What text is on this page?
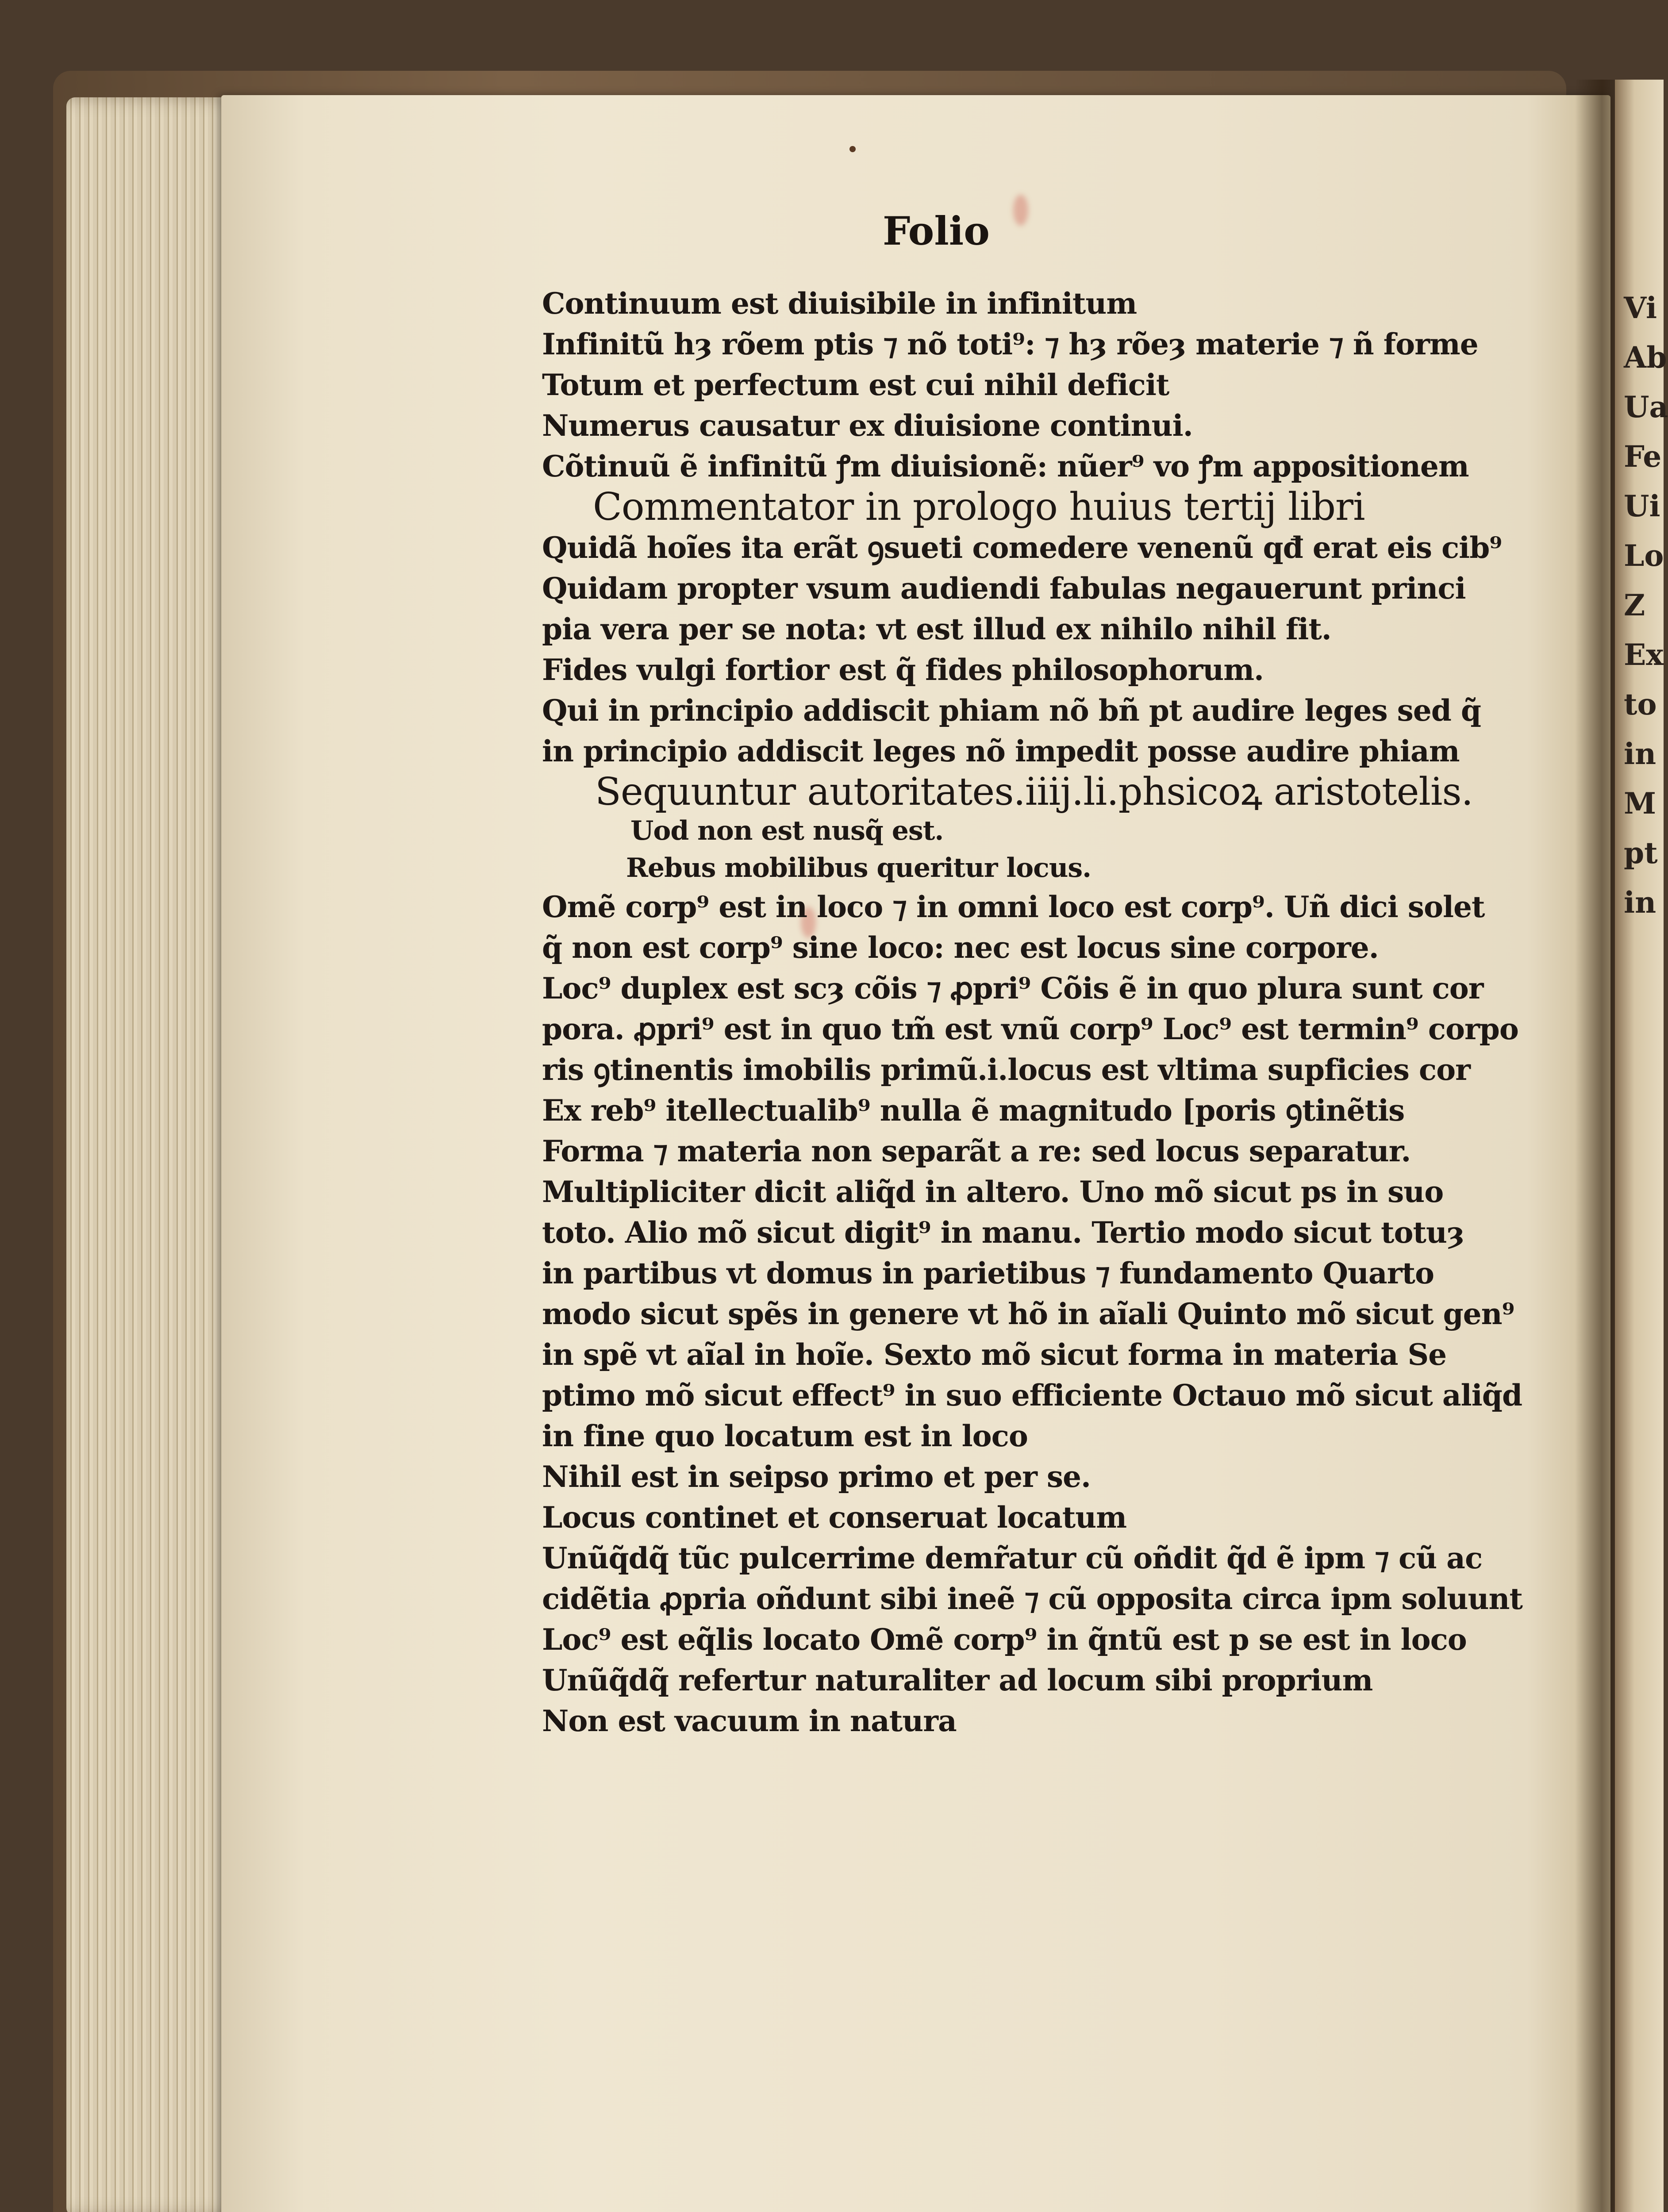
Folio
Continuum est diuisibile in infinitum
Infinitũ hȝ rõem ptis ⁊ nõ toti⁹: ⁊ hȝ rõeȝ materie ⁊ ñ forme
Totum et perfectum est cui nihil deficit
Numerus causatur ex diuisione continui.
Cõtinuũ ẽ infinitũ ꝭm diuisionẽ: nũer⁹ vo ꝭm appositionem
Commentator in prologo huius tertij libri
Quidã hoĩes ita erãt ꝯsueti comedere venenũ qđ erat eis cib⁹
Quidam propter vsum audiendi fabulas negauerunt princi
pia vera per se nota: vt est illud ex nihilo nihil fit.
Fides vulgi fortior est q̃ fides philosophorum.
Qui in principio addiscit phiam nõ bñ pt audire leges sed q̃
in principio addiscit leges nõ impedit posse audire phiam
Sequuntur autoritates.iiij.li.phsicoꝝ aristotelis.
Uod non est nusq̃ est.
Rebus mobilibus queritur locus.
Omẽ corp⁹ est in loco ⁊ in omni loco est corp⁹. Uñ dici solet
q̃ non est corp⁹ sine loco: nec est locus sine corpore.
Loc⁹ duplex est scȝ cõis ⁊ ꝓpri⁹ Cõis ẽ in quo plura sunt cor
pora. ꝓpri⁹ est in quo tm̃ est vnũ corp⁹ Loc⁹ est termin⁹ corpo
ris ꝯtinentis imobilis primũ.i.locus est vltima supficies cor
Ex reb⁹ itellectualib⁹ nulla ẽ magnitudo [poris ꝯtinẽtis
Forma ⁊ materia non separãt a re: sed locus separatur.
Multipliciter dicit aliq̃d in altero. Uno mõ sicut ps in suo
toto. Alio mõ sicut digit⁹ in manu. Tertio modo sicut totuȝ
in partibus vt domus in parietibus ⁊ fundamento Quarto
modo sicut spẽs in genere vt hõ in aĩali Quinto mõ sicut gen⁹
in spẽ vt aĩal in hoĩe. Sexto mõ sicut forma in materia Se
ptimo mõ sicut effect⁹ in suo efficiente Octauo mõ sicut aliq̃d
in fine quo locatum est in loco
Nihil est in seipso primo et per se.
Locus continet et conseruat locatum
Unũq̃dq̃ tũc pulcerrime demr̃atur cũ oñdit q̃d ẽ ipm ⁊ cũ ac
cidẽtia ꝓpria oñdunt sibi ineẽ ⁊ cũ opposita circa ipm soluunt
Loc⁹ est eq̃lis locato Omẽ corp⁹ in q̃ntũ est p se est in loco
Unũq̃dq̃ refertur naturaliter ad locum sibi proprium
Non est vacuum in natura
Vi
Ab
Ua
Fe
Ui
Lo
Z
Ex
to
in
M
pt
in
